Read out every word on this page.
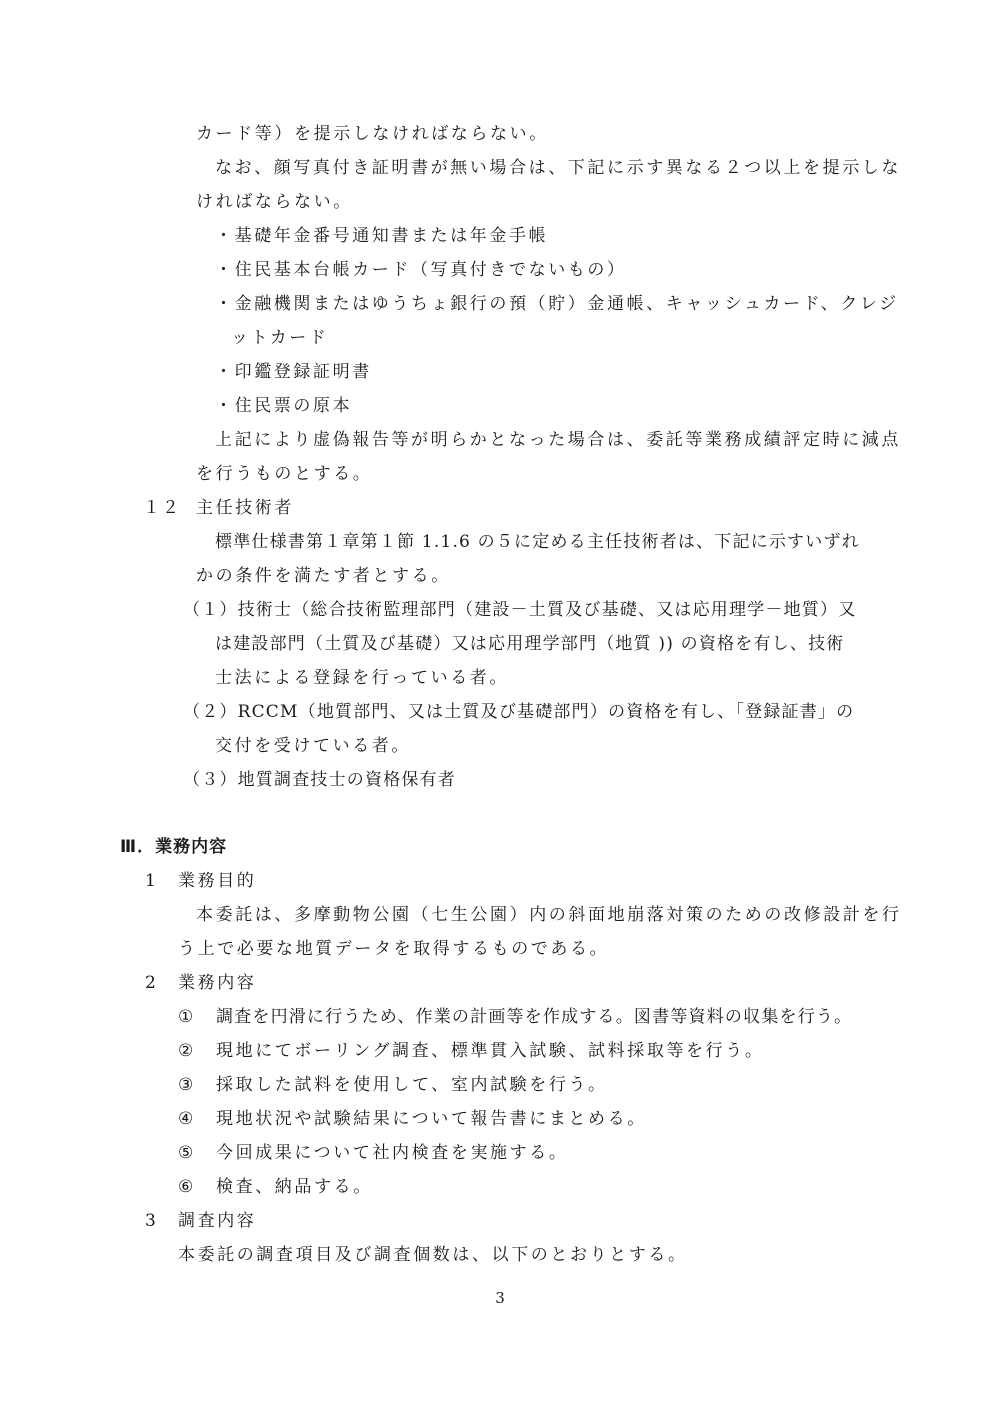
カード等）を提示しなければならない。
なお、顔写真付き証明書が無い場合は、下記に示す異なる２つ以上を提示しな
ければならない。
・基礎年金番号通知書または年金手帳
・住民基本台帳カード（写真付きでないもの）
・金融機関またはゆうちょ銀行の預（貯）金通帳、キャッシュカード、クレジ
ットカード
・印鑑登録証明書
・住民票の原本
上記により虚偽報告等が明らかとなった場合は、委託等業務成績評定時に減点
を行うものとする。
１２ 主任技術者
標準仕様書第１章第１節 1.1.6 の５に定める主任技術者は、下記に示すいずれ
かの条件を満たす者とする。
（１）技術士（総合技術監理部門（建設－土質及び基礎、又は応用理学－地質）又
は建設部門（土質及び基礎）又は応用理学部門（地質 )) の資格を有し、技術
士法による登録を行っている者。
（２）RCCM（地質部門、又は土質及び基礎部門）の資格を有し、「登録証書」の
交付を受けている者。
（３）地質調査技士の資格保有者
Ⅲ．業務内容
1 業務目的
本委託は、多摩動物公園（七生公園）内の斜面地崩落対策のための改修設計を行
う上で必要な地質データを取得するものである。
2 業務内容
① 調査を円滑に行うため、作業の計画等を作成する。図書等資料の収集を行う。
② 現地にてボーリング調査、標準貫入試験、試料採取等を行う。
③ 採取した試料を使用して、室内試験を行う。
④ 現地状況や試験結果について報告書にまとめる。
⑤ 今回成果について社内検査を実施する。
⑥ 検査、納品する。
3 調査内容
本委託の調査項目及び調査個数は、以下のとおりとする。
3
